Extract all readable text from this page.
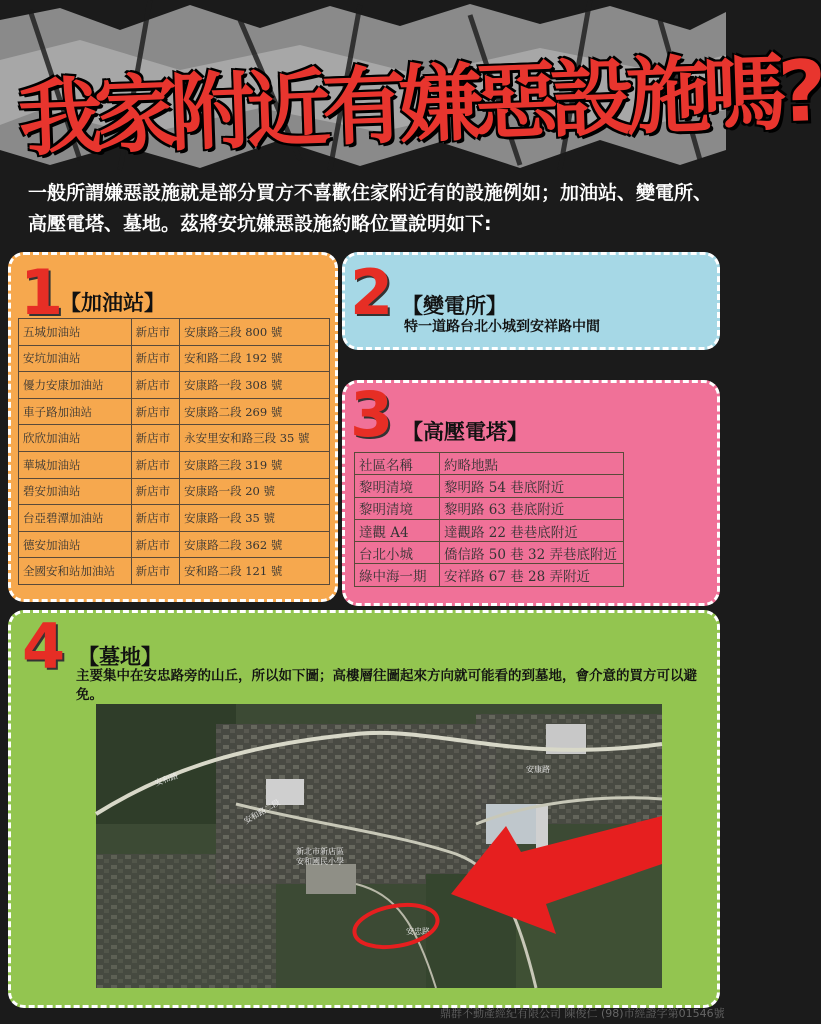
我家附近有嫌惡設施嗎?
一般所謂嫌惡設施就是部分買方不喜歡住家附近有的設施例如；加油站、變電所、 高壓電塔、墓地。茲將安坑嫌惡設施約略位置說明如下:
1
【加油站】
五城加油站	新店市	安康路三段 800 號
安坑加油站	新店市	安和路二段 192 號
優力安康加油站	新店市	安康路一段 308 號
車子路加油站	新店市	安康路二段 269 號
欣欣加油站	新店市	永安里安和路三段 35 號
華城加油站	新店市	安康路三段 319 號
碧安加油站	新店市	安康路一段 20 號
台亞碧潭加油站	新店市	安康路一段 35 號
德安加油站	新店市	安康路二段 362 號
全國安和站加油站	新店市	安和路二段 121 號
2 【變電所】
特一道路台北小城到安祥路中間
3 【高壓電塔】
社區名稱	約略地點
黎明清境	黎明路 54 巷底附近
黎明清境	黎明路 63 巷底附近
達觀 A4	達觀路 22 巷巷底附近
台北小城	僑信路 50 巷 32 弄巷底附近
綠中海一期	安祥路 67 巷 28 弄附近
4 【墓地】
主要集中在安忠路旁的山丘，所以如下圖；高樓層往圖起來方向就可能看的到墓地，會介意的買方可以避免。
新北市新店區
安和國民小學
安和路
安和路二段
安康路
安忠路
鼎群不動產經紀有限公司 陳俊仁 (98)市經證字第01546號
